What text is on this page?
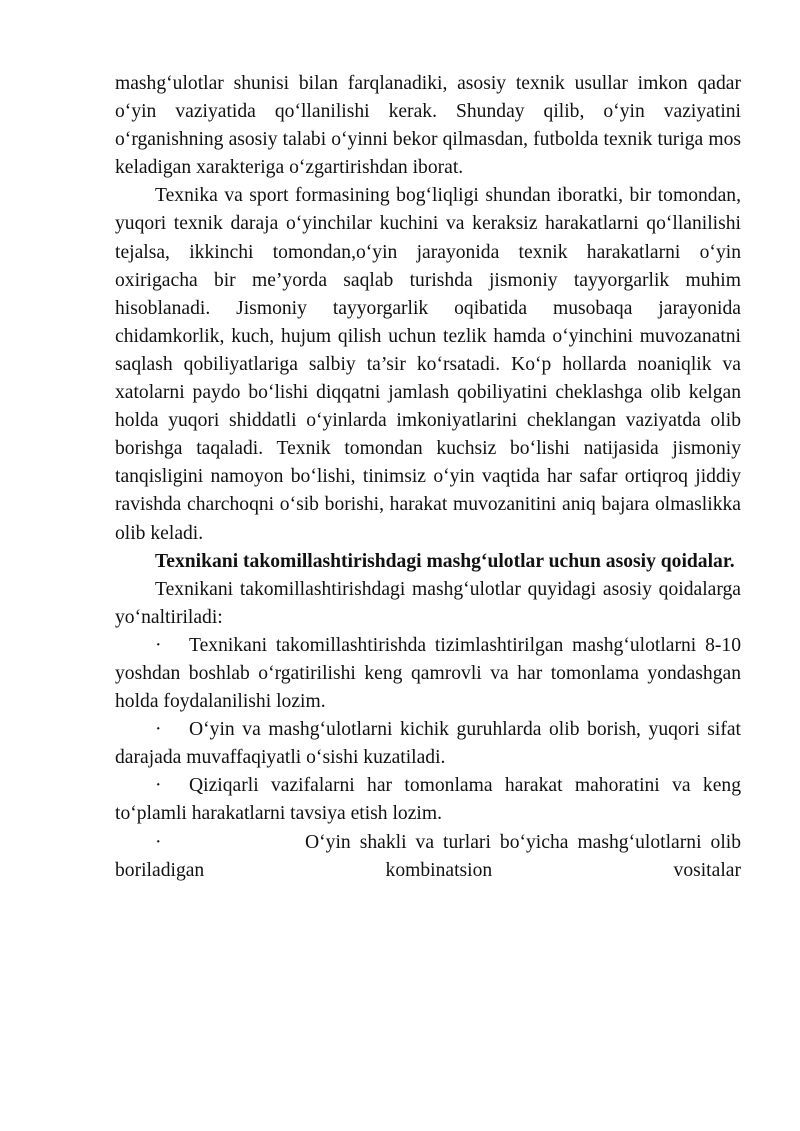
mashg‘ulotlar shunisi bilan farqlanadiki, asosiy texnik usullar imkon qadar o‘yin vaziyatida qo‘llanilishi kerak. Shunday qilib, o‘yin vaziyatini o‘rganishning asosiy talabi o‘yinni bekor qilmasdan, futbolda texnik turiga mos keladigan xarakteriga o‘zgartirishdan iborat.

Texnika va sport formasining bog‘liqligi shundan iboratki, bir tomondan, yuqori texnik daraja o‘yinchilar kuchini va keraksiz harakatlarni qo‘llanilishi tejalsa, ikkinchi tomondan,o‘yin jarayonida texnik harakatlarni o‘yin oxirigacha bir me’yorda saqlab turishda jismoniy tayyorgarlik muhim hisoblanadi. Jismoniy tayyorgarlik oqibatida musobaqa jarayonida chidamkorlik, kuch, hujum qilish uchun tezlik hamda o‘yinchini muvozanatni saqlash qobiliyatlariga salbiy ta’sir ko‘rsatadi. Ko‘p hollarda noaniqlik va xatolarni paydo bo‘lishi diqqatni jamlash qobiliyatini cheklashga olib kelgan holda yuqori shiddatli o‘yinlarda imkoniyatlarini cheklangan vaziyatda olib borishga taqaladi. Texnik tomondan kuchsiz bo‘lishi natijasida jismoniy tanqisligini namoyon bo‘lishi, tinimsiz o‘yin vaqtida har safar ortiqroq jiddiy ravishda charchoqni o‘sib borishi, harakat muvozanitini aniq bajara olmaslikka olib keladi.

Texnikani takomillashtirishdagi mashg‘ulotlar uchun asosiy qoidalar.

Texnikani takomillashtirishdagi mashg‘ulotlar quyidagi asosiy qoidalarga yo‘naltiriladi:

· Texnikani takomillashtirishda tizimlashtirilgan mashg‘ulotlarni 8-10 yoshdan boshlab o‘rgatirilishi keng qamrovli va har tomonlama yondashgan holda foydalanilishi lozim.

· O‘yin va mashg‘ulotlarni kichik guruhlarda olib borish, yuqori sifat darajada muvaffaqiyatli o‘sishi kuzatiladi.

· Qiziqarli vazifalarni har tomonlama harakat mahoratini va keng to‘plamli harakatlarni tavsiya etish lozim.

·	O‘yin shakli va turlari bo‘yicha mashg‘ulotlarni olib boriladigan kombinatsion vositalar
